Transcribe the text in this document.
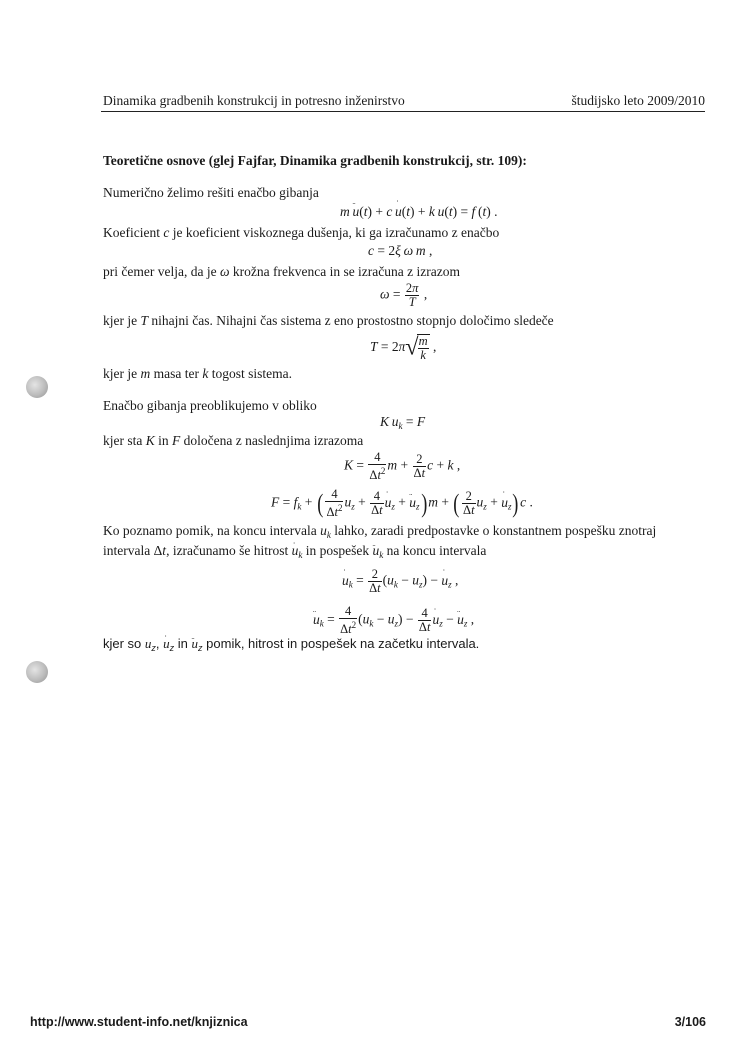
Dinamika gradbenih konstrukcij in potresno inženirstvo	študijsko leto 2009/2010
Teoretične osnove (glej Fajfar, Dinamika gradbenih konstrukcij, str. 109):
Numerično želimo rešiti enačbo gibanja
m  ¨ u(t) + c  ˙ u(t) + k  u(t) = f (t) .
Koeficient c je koeficient viskoznega dušenja, ki ga izračunamo z enačbo
c = 2ξ  ω  m ,
pri čemer velja, da je ω krožna frekvenca in se izračuna z izrazom
$\omega = \frac{2\pi}{T}$ ,
kjer je T nihajni čas. Nihajni čas sistema z eno prostostno stopnjo določimo sledeče
$T = 2\pi√ \frac{m}{k}$ ,
kjer je m masa ter k togost sistema.
Enačbo gibanja preoblikujemo v obliko
K  $u_k = F$
kjer sta K in F določena z naslednjima izrazoma
$K = \frac{4}{\Delta t^2}$ $m + \frac{2}{\Delta t}$ c + k ,
$F = f_k$ + ( $\frac{4}{\Delta t^2} u_z + \frac{4}{\Delta t}$ ˙ $u_z$ + ¨ $u_z)m$ + ( $\frac{2}{\Delta t} u_z$ + ˙ $u_z)c$ .
Ko poznamo pomik, na koncu intervala $u_k$ lahko, zaradi predpostavke o konstantnem pospešku znotraj
intervala Δt, izračunamo še hitrost ˙ $u_k$ in pospešek ¨ $u_k$ na koncu intervala
˙ $u_k = \frac{2}{\Delta t} (u_k - u_z)$ − ˙ $u_z$ ,
¨ $u_k = \frac{4}{\Delta t^2} (u_k - u_z) - \frac{4}{\Delta t}$ ˙ $u_z$ − ¨ $u_z$ ,
kjer so $u_z$, ˙ $u_z$ in ¨ $u_z$ pomik, hitrost in pospešek na začetku intervala.
http://www.student-info.net/knjiznica	3/106
